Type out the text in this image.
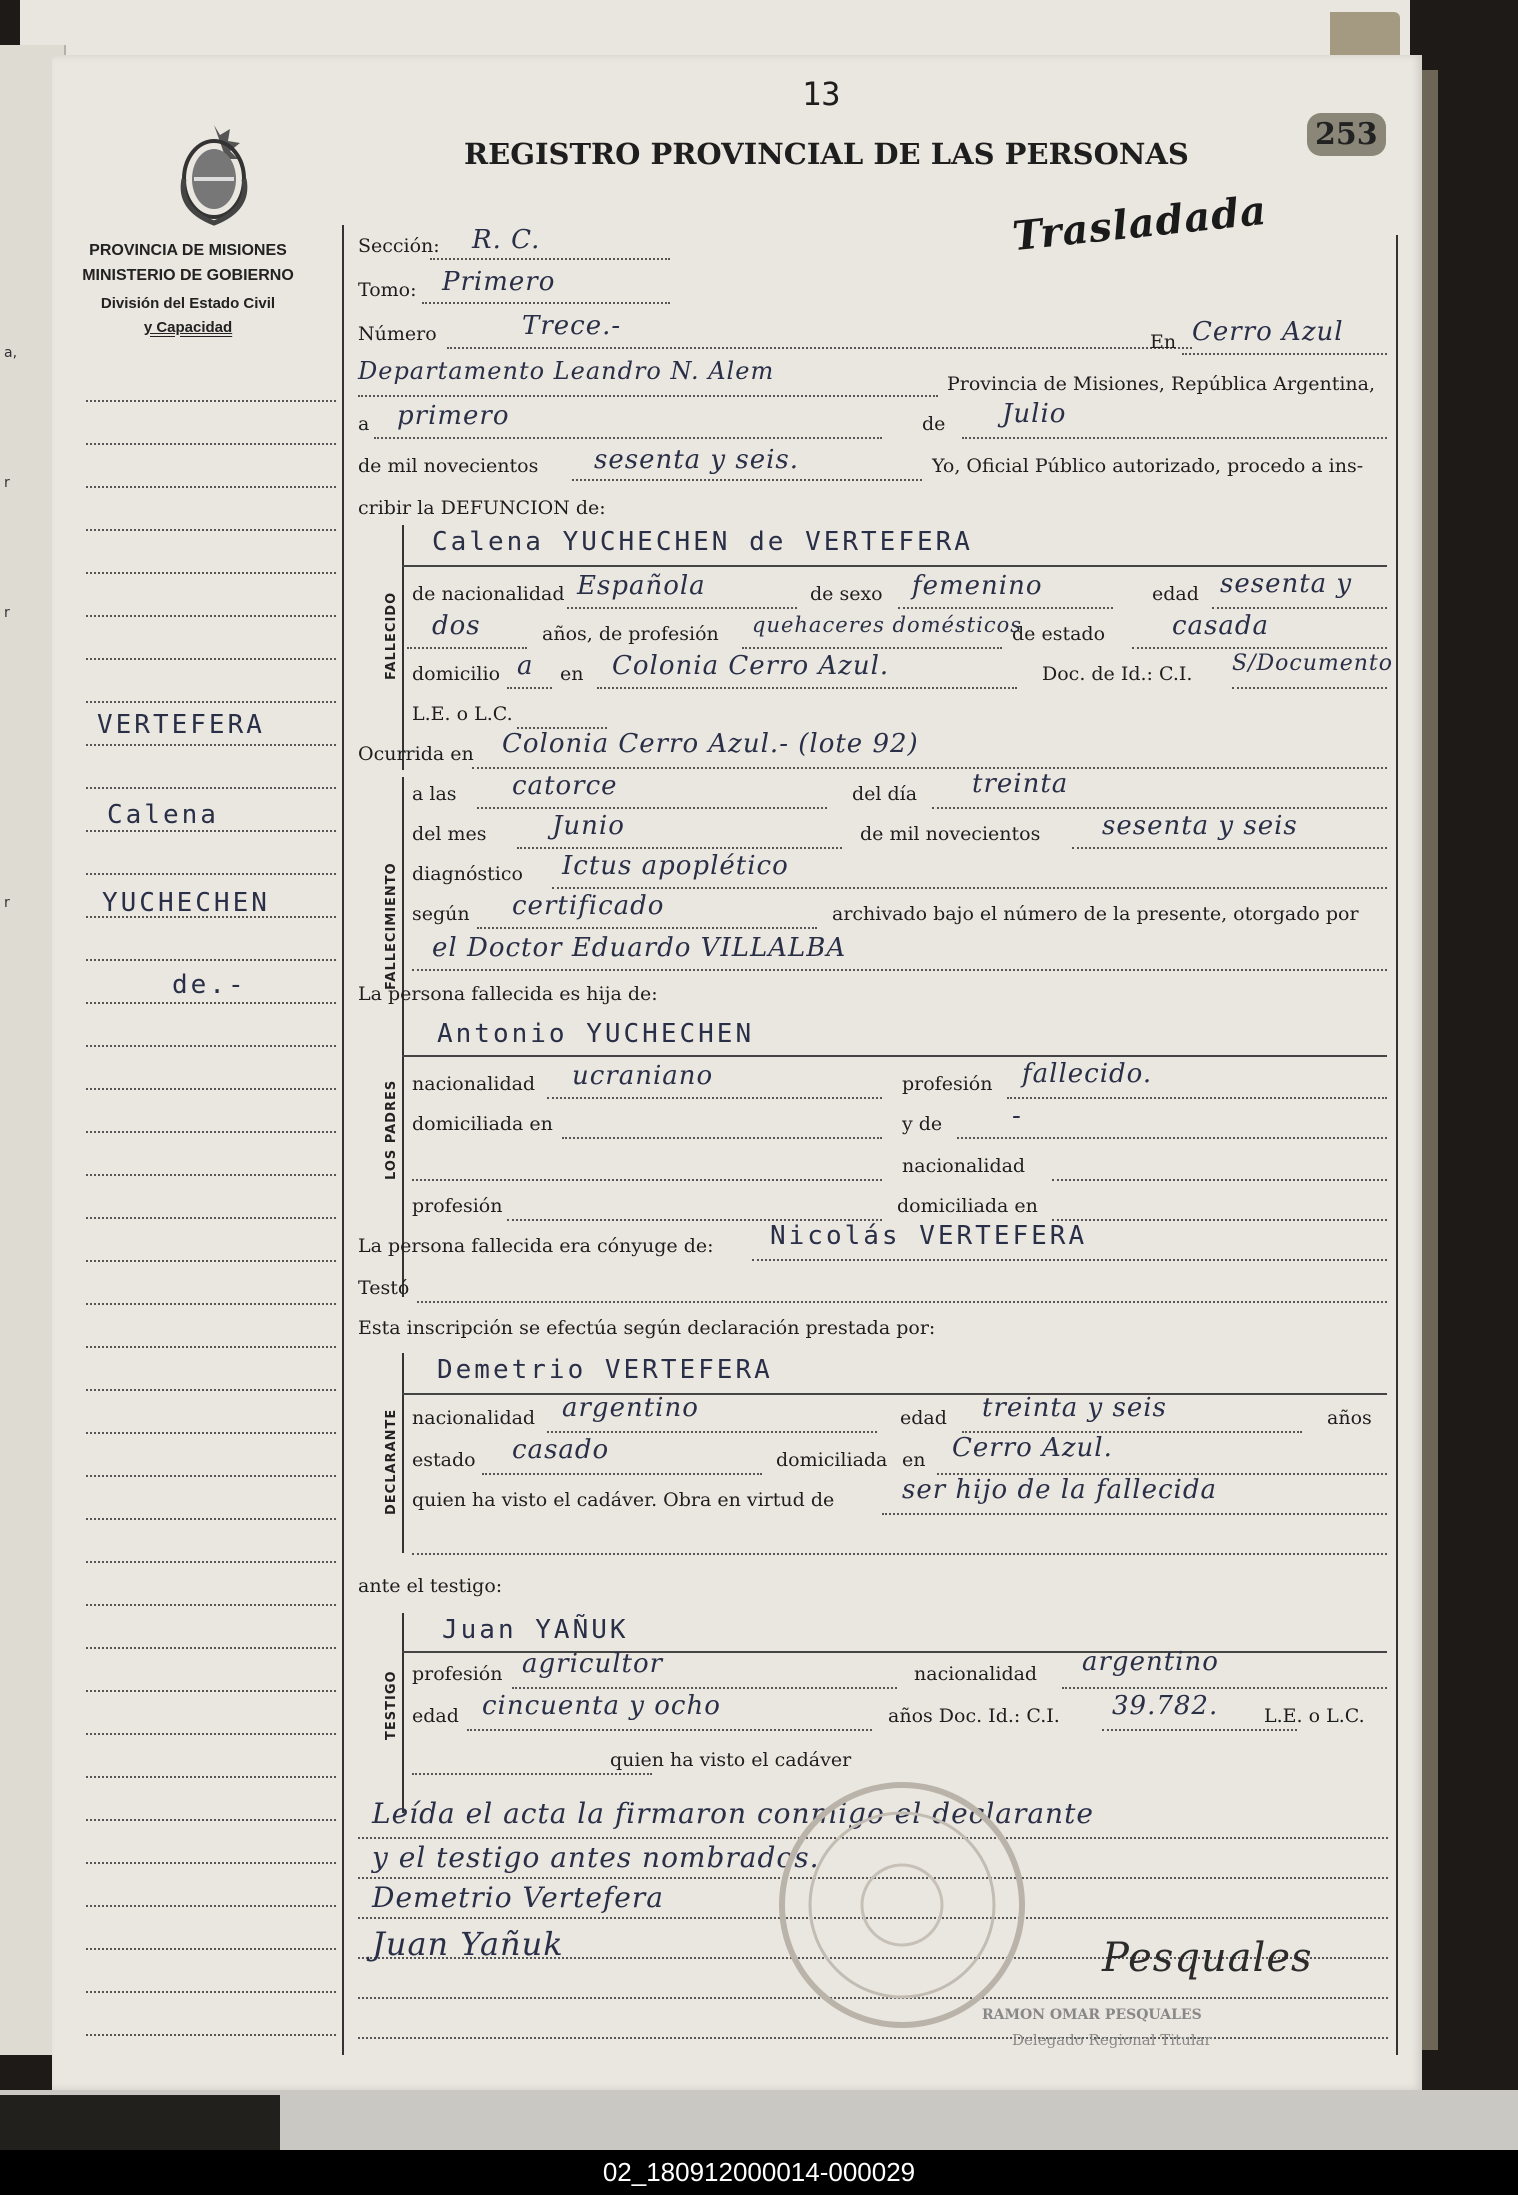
a,
r
r
r
13
253
REGISTRO PROVINCIAL DE LAS PERSONAS
Trasladada
PROVINCIA DE MISIONES
MINISTERIO DE GOBIERNO
División del Estado Civil
y Capacidad
VERTEFERA
Calena
YUCHECHEN
de.-
Sección: R. C.
Tomo: Primero
Número	Trece.-
En Cerro Azul
Departamento Leandro N. Alem	Provincia de Misiones, República Argentina,
a primero	de Julio
de mil novecientos sesenta y seis.	Yo, Oficial Público autorizado, procedo a ins-
cribir la DEFUNCION de:
FALLECIDO
Calena YUCHECHEN de VERTEFERA
de nacionalidad Española	de sexo femenino	edad sesenta y
dos	años, de profesión quehaceres domésticos
de estado	casada
domicilio a en Colonia Cerro Azul.	Doc. de Id.: C.I. S/Documento
L.E. o L.C.
Ocurrida en Colonia Cerro Azul.- (lote 92)
FALLECIMIENTO
a las catorce	del día treinta
del mes	Junio	de mil novecientos sesenta y seis
diagnóstico Ictus apoplético
según certificado	archivado bajo el número de la presente, otorgado por
el Doctor Eduardo VILLALBA
La persona fallecida es hija de:
LOS PADRES
Antonio YUCHECHEN
nacionalidad ucraniano	profesión fallecido.
domiciliada en	y de	-
nacionalidad
profesión	domiciliada en
La persona fallecida era cónyuge de: Nicolás VERTEFERA
Testó
Esta inscripción se efectúa según declaración prestada por:
DECLARANTE
Demetrio VERTEFERA
nacionalidad argentino	edad treinta y seis	años
estado casado	domiciliada en Cerro Azul.
quien ha visto el cadáver. Obra en virtud de	ser hijo de la fallecida
ante el testigo:
TESTIGO
Juan YAÑUK
profesión agricultor	nacionalidad argentino
edad cincuenta y ocho	años Doc. Id.: C.I. 39.782. L.E. o L.C.
quien ha visto el cadáver
Leída el acta la firmaron conmigo el declarante
y el testigo antes nombrados.
Demetrio Vertefera
Juan Yañuk	Pesquales
RAMON OMAR PESQUALES
Delegado Regional Titular
02_180912000014-000029
